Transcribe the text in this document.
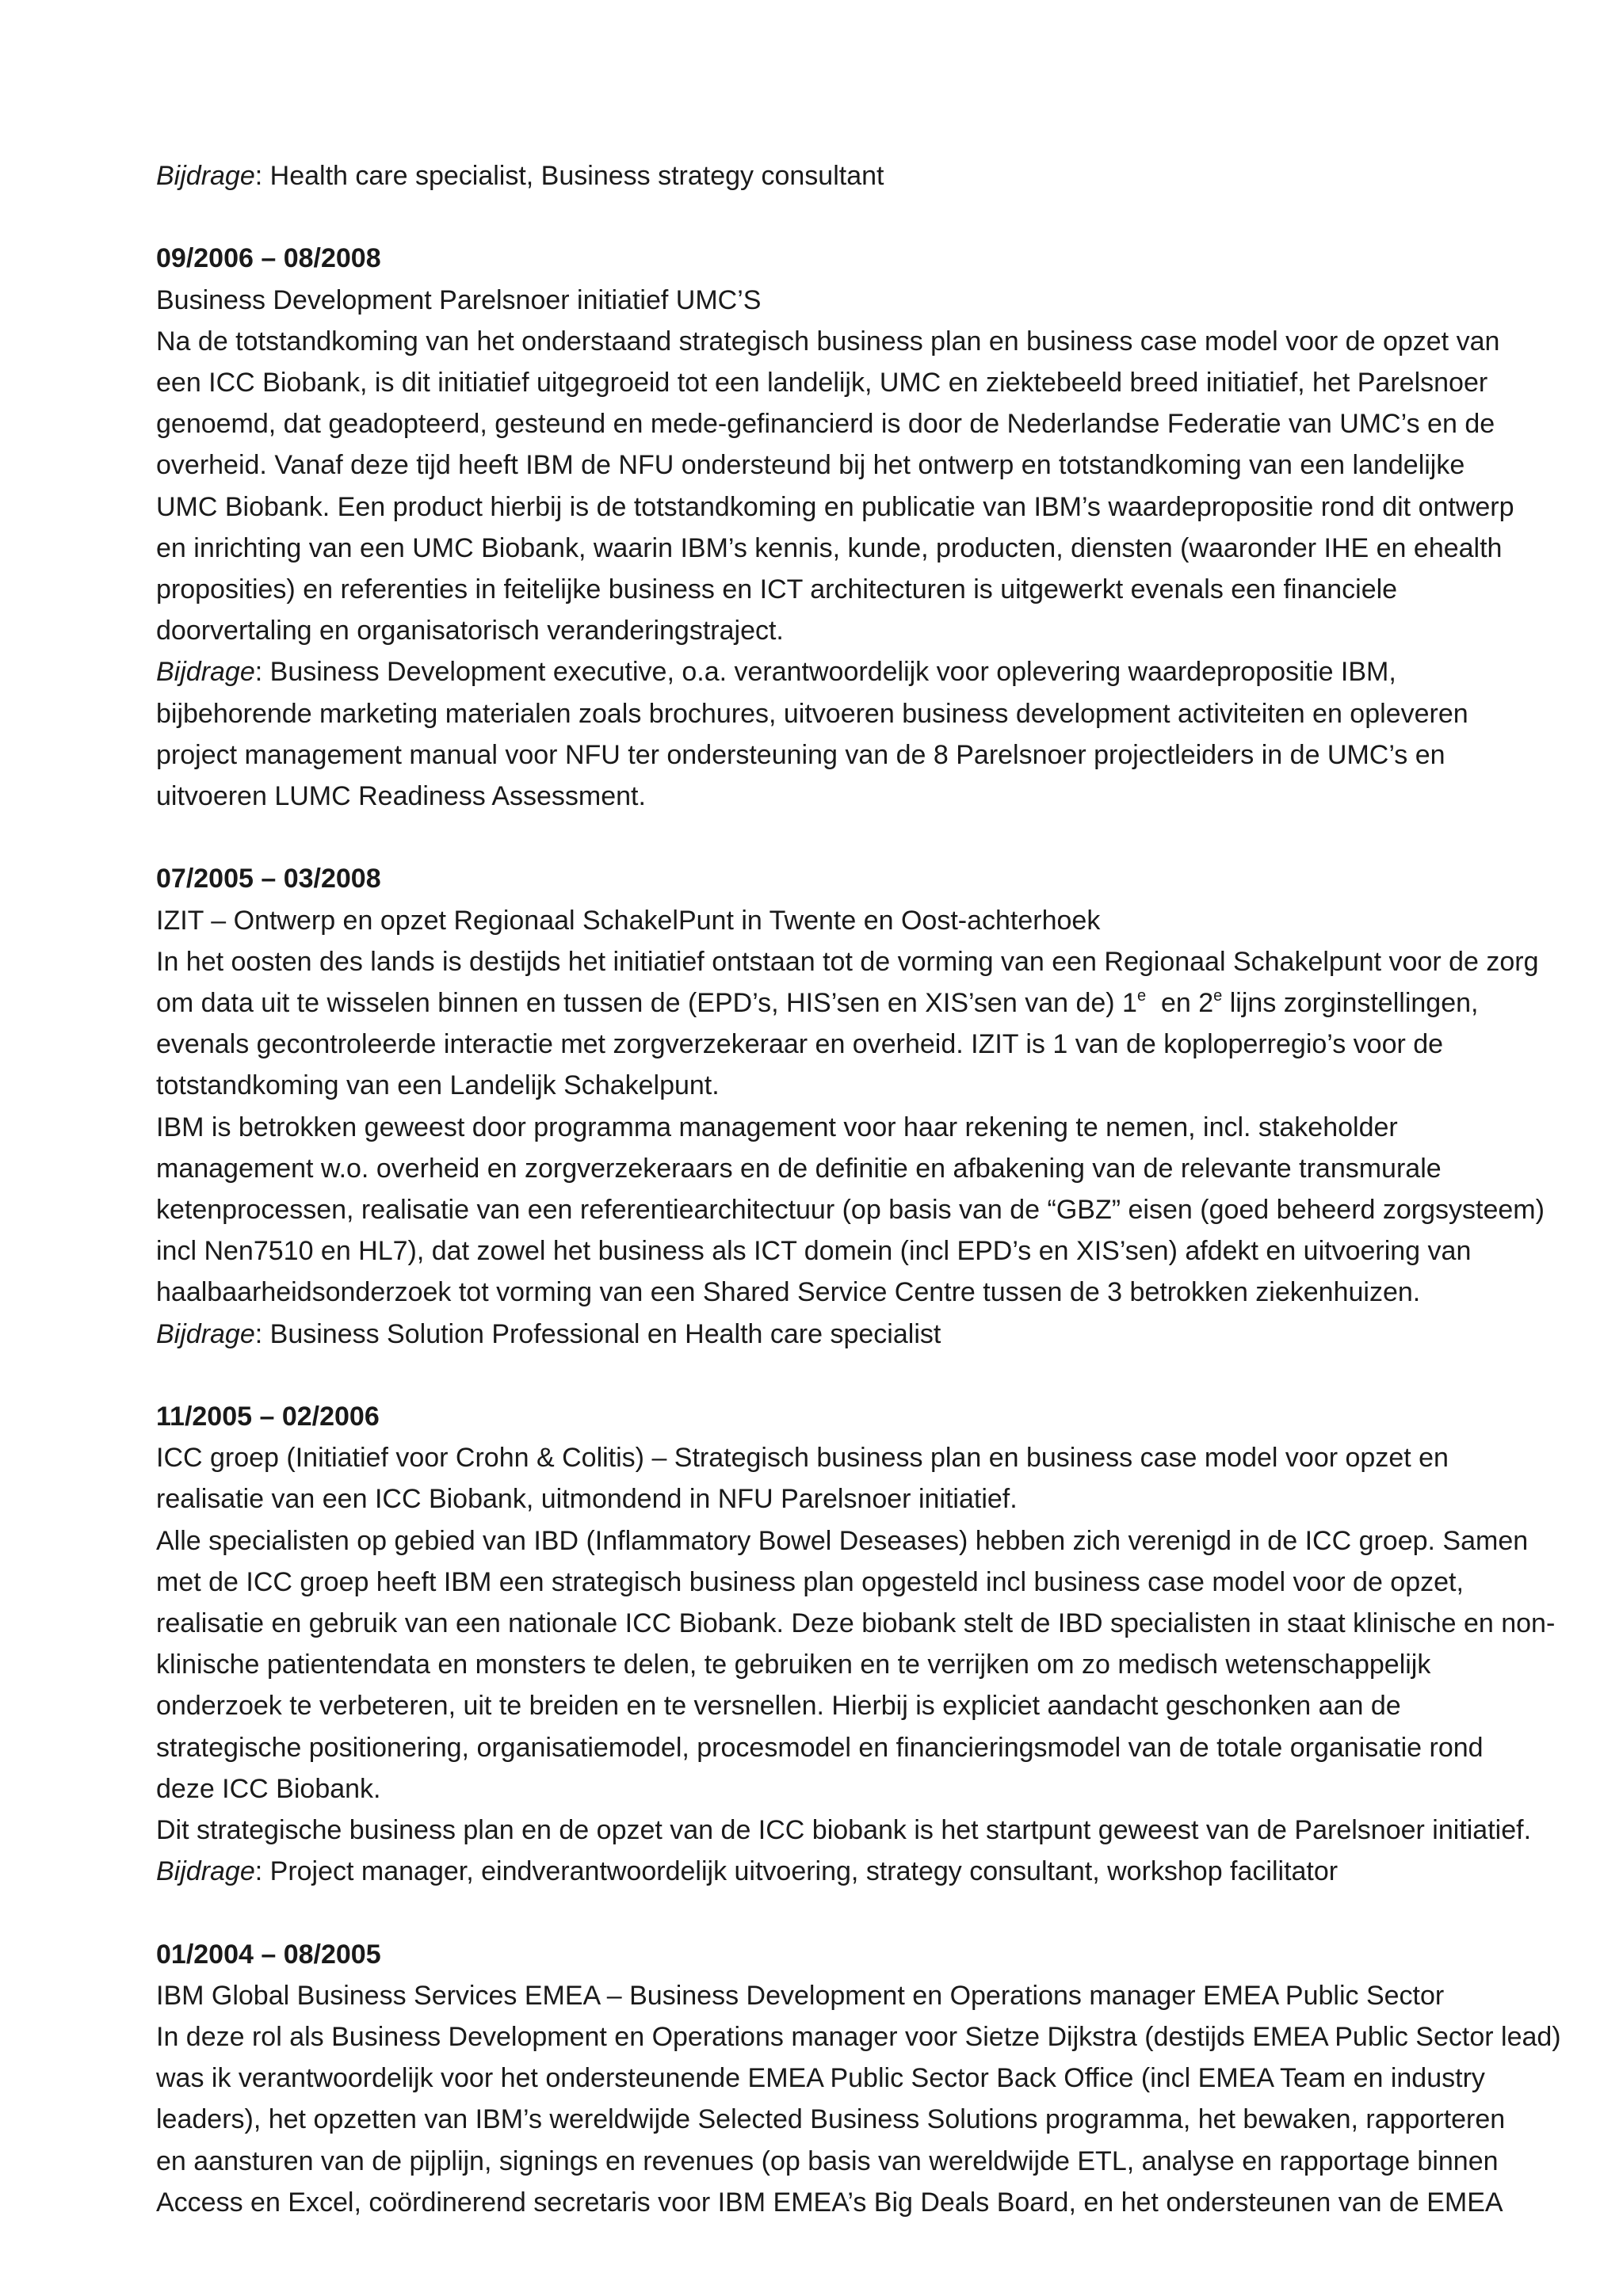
Bijdrage: Health care specialist, Business strategy consultant
09/2006 – 08/2008
Business Development Parelsnoer initiatief UMC’S
Na de totstandkoming van het onderstaand strategisch business plan en business case model voor de opzet van
een ICC Biobank, is dit initiatief uitgegroeid tot een landelijk, UMC en ziektebeeld breed initiatief, het Parelsnoer
genoemd, dat geadopteerd, gesteund en mede-gefinancierd is door de Nederlandse Federatie van UMC’s en de
overheid. Vanaf deze tijd heeft IBM de NFU ondersteund bij het ontwerp en totstandkoming van een landelijke
UMC Biobank. Een product hierbij is de totstandkoming en publicatie van IBM’s waardepropositie rond dit ontwerp
en inrichting van een UMC Biobank, waarin IBM’s kennis, kunde, producten, diensten (waaronder IHE en ehealth
proposities) en referenties in feitelijke business en ICT architecturen is uitgewerkt evenals een financiele
doorvertaling en organisatorisch veranderingstraject.
Bijdrage: Business Development executive, o.a. verantwoordelijk voor oplevering waardepropositie IBM,
bijbehorende marketing materialen zoals brochures, uitvoeren business development activiteiten en opleveren
project management manual voor NFU ter ondersteuning van de 8 Parelsnoer projectleiders in de UMC’s en
uitvoeren LUMC Readiness Assessment.
07/2005 – 03/2008
IZIT – Ontwerp en opzet Regionaal SchakelPunt in Twente en Oost-achterhoek
In het oosten des lands is destijds het initiatief ontstaan tot de vorming van een Regionaal Schakelpunt voor de zorg
om data uit te wisselen binnen en tussen de (EPD’s, HIS’sen en XIS’sen van de) 1e  en 2e lijns zorginstellingen,
evenals gecontroleerde interactie met zorgverzekeraar en overheid. IZIT is 1 van de koploperregio’s voor de
totstandkoming van een Landelijk Schakelpunt.
IBM is betrokken geweest door programma management voor haar rekening te nemen, incl. stakeholder
management w.o. overheid en zorgverzekeraars en de definitie en afbakening van de relevante transmurale
ketenprocessen, realisatie van een referentiearchitectuur (op basis van de “GBZ” eisen (goed beheerd zorgsysteem)
incl Nen7510 en HL7), dat zowel het business als ICT domein (incl EPD’s en XIS’sen) afdekt en uitvoering van
haalbaarheidsonderzoek tot vorming van een Shared Service Centre tussen de 3 betrokken ziekenhuizen.
Bijdrage: Business Solution Professional en Health care specialist
11/2005 – 02/2006
ICC groep (Initiatief voor Crohn & Colitis) – Strategisch business plan en business case model voor opzet en
realisatie van een ICC Biobank, uitmondend in NFU Parelsnoer initiatief.
Alle specialisten op gebied van IBD (Inflammatory Bowel Deseases) hebben zich verenigd in de ICC groep. Samen
met de ICC groep heeft IBM een strategisch business plan opgesteld incl business case model voor de opzet,
realisatie en gebruik van een nationale ICC Biobank. Deze biobank stelt de IBD specialisten in staat klinische en non-
klinische patientendata en monsters te delen, te gebruiken en te verrijken om zo medisch wetenschappelijk
onderzoek te verbeteren, uit te breiden en te versnellen. Hierbij is expliciet aandacht geschonken aan de
strategische positionering, organisatiemodel, procesmodel en financieringsmodel van de totale organisatie rond
deze ICC Biobank.
Dit strategische business plan en de opzet van de ICC biobank is het startpunt geweest van de Parelsnoer initiatief.
Bijdrage: Project manager, eindverantwoordelijk uitvoering, strategy consultant, workshop facilitator
01/2004 – 08/2005
IBM Global Business Services EMEA – Business Development en Operations manager EMEA Public Sector
In deze rol als Business Development en Operations manager voor Sietze Dijkstra (destijds EMEA Public Sector lead)
was ik verantwoordelijk voor het ondersteunende EMEA Public Sector Back Office (incl EMEA Team en industry
leaders), het opzetten van IBM’s wereldwijde Selected Business Solutions programma, het bewaken, rapporteren
en aansturen van de pijplijn, signings en revenues (op basis van wereldwijde ETL, analyse en rapportage binnen
Access en Excel, coördinerend secretaris voor IBM EMEA’s Big Deals Board, en het ondersteunen van de EMEA
